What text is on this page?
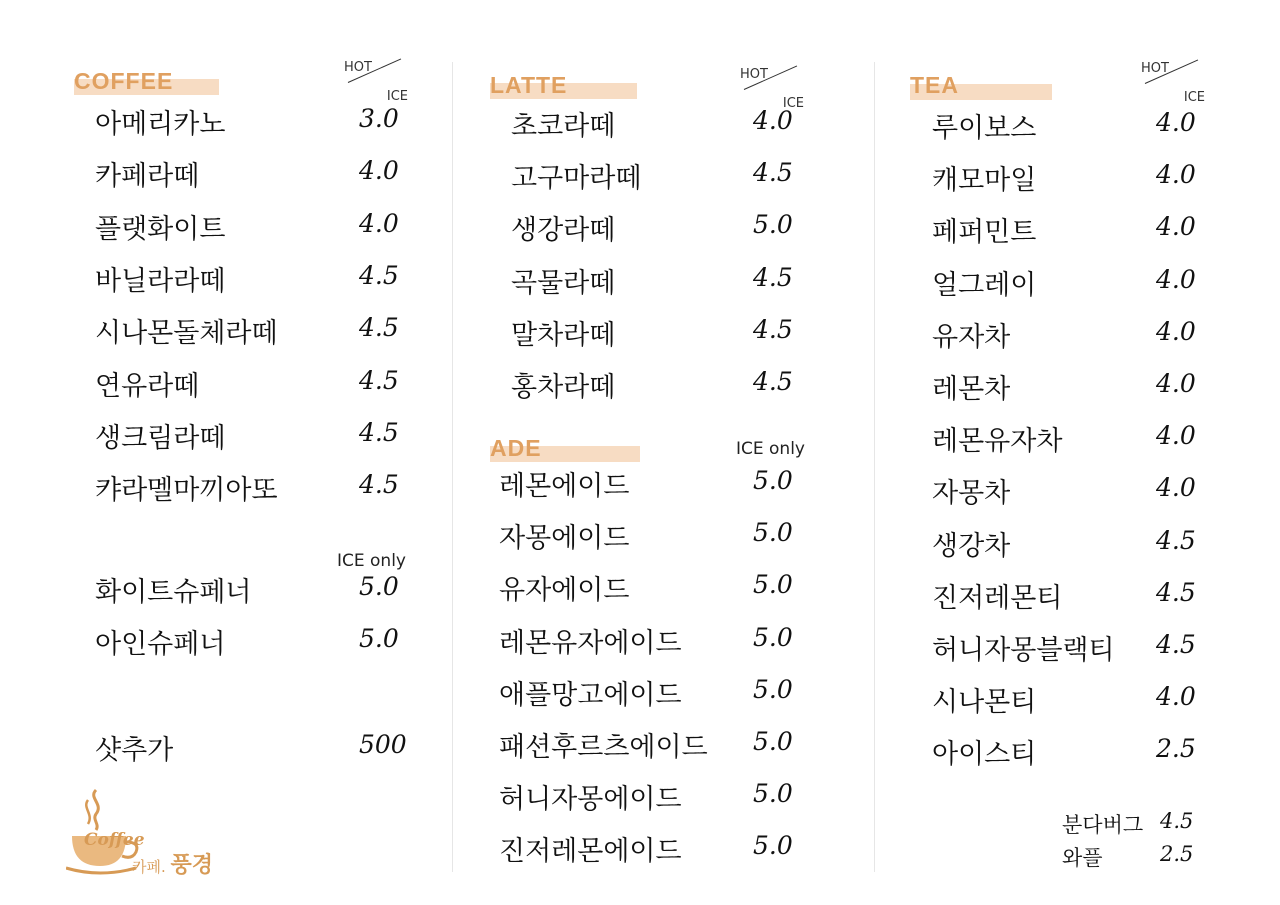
COFFEE
HOT
ICE
아메리카노	3.0
카페라떼	4.0
플랫화이트	4.0
바닐라라떼	4.5
시나몬돌체라떼	4.5
연유라떼	4.5
생크림라떼	4.5
캬라멜마끼아또	4.5
ICE only
화이트슈페너	5.0
아인슈페너	5.0
샷추가	500
Coffee
카페. 풍경
LATTE	HOT
ICE
초코라떼	4.0
고구마라떼	4.5
생강라떼	5.0
곡물라떼	4.5
말차라떼	4.5
홍차라떼	4.5
ADE	ICE only
레몬에이드	5.0
자몽에이드	5.0
유자에이드	5.0
레몬유자에이드	5.0
애플망고에이드	5.0
패션후르츠에이드 5.0
허니자몽에이드	5.0
진저레몬에이드	5.0
TEA
HOT
ICE
루이보스	4.0
캐모마일	4.0
페퍼민트	4.0
얼그레이	4.0
유자차	4.0
레몬차	4.0
레몬유자차	4.0
자몽차	4.0
생강차	4.5
진저레몬티	4.5
허니자몽블랙티 4.5
시나몬티	4.0
아이스티	2.5
분다버그 4.5
와플	2.5
